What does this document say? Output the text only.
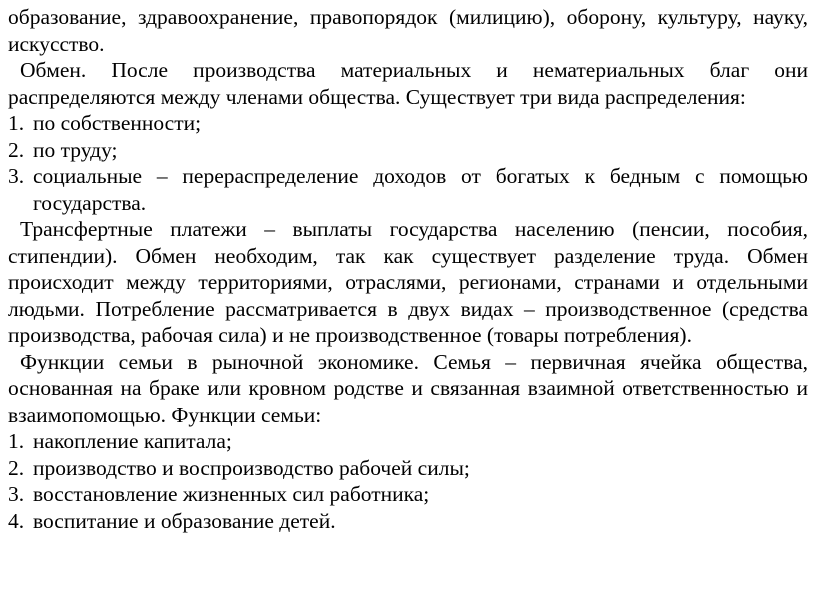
образование, здравоохранение, правопорядок (милицию), оборону, культуру, науку, искусство.

Обмен. После производства материальных и нематериальных благ они распределяются между членами общества. Существует три вида распределения:

1. по собственности;
2. по труду;
3. социальные – перераспределение доходов от богатых к бедным с помощью государства.

Трансфертные платежи – выплаты государства населению (пенсии, пособия, стипендии). Обмен необходим, так как существует разделение труда. Обмен происходит между территориями, отраслями, регионами, странами и отдельными людьми. Потребление рассматривается в двух видах – производственное (средства производства, рабочая сила) и не производственное (товары потребления).

Функции семьи в рыночной экономике. Семья – первичная ячейка общества, основанная на браке или кровном родстве и связанная взаимной ответственностью и взаимопомощью. Функции семьи:

1. накопление капитала;
2. производство и воспроизводство рабочей силы;
3. восстановление жизненных сил работника;
4. воспитание и образование детей.
